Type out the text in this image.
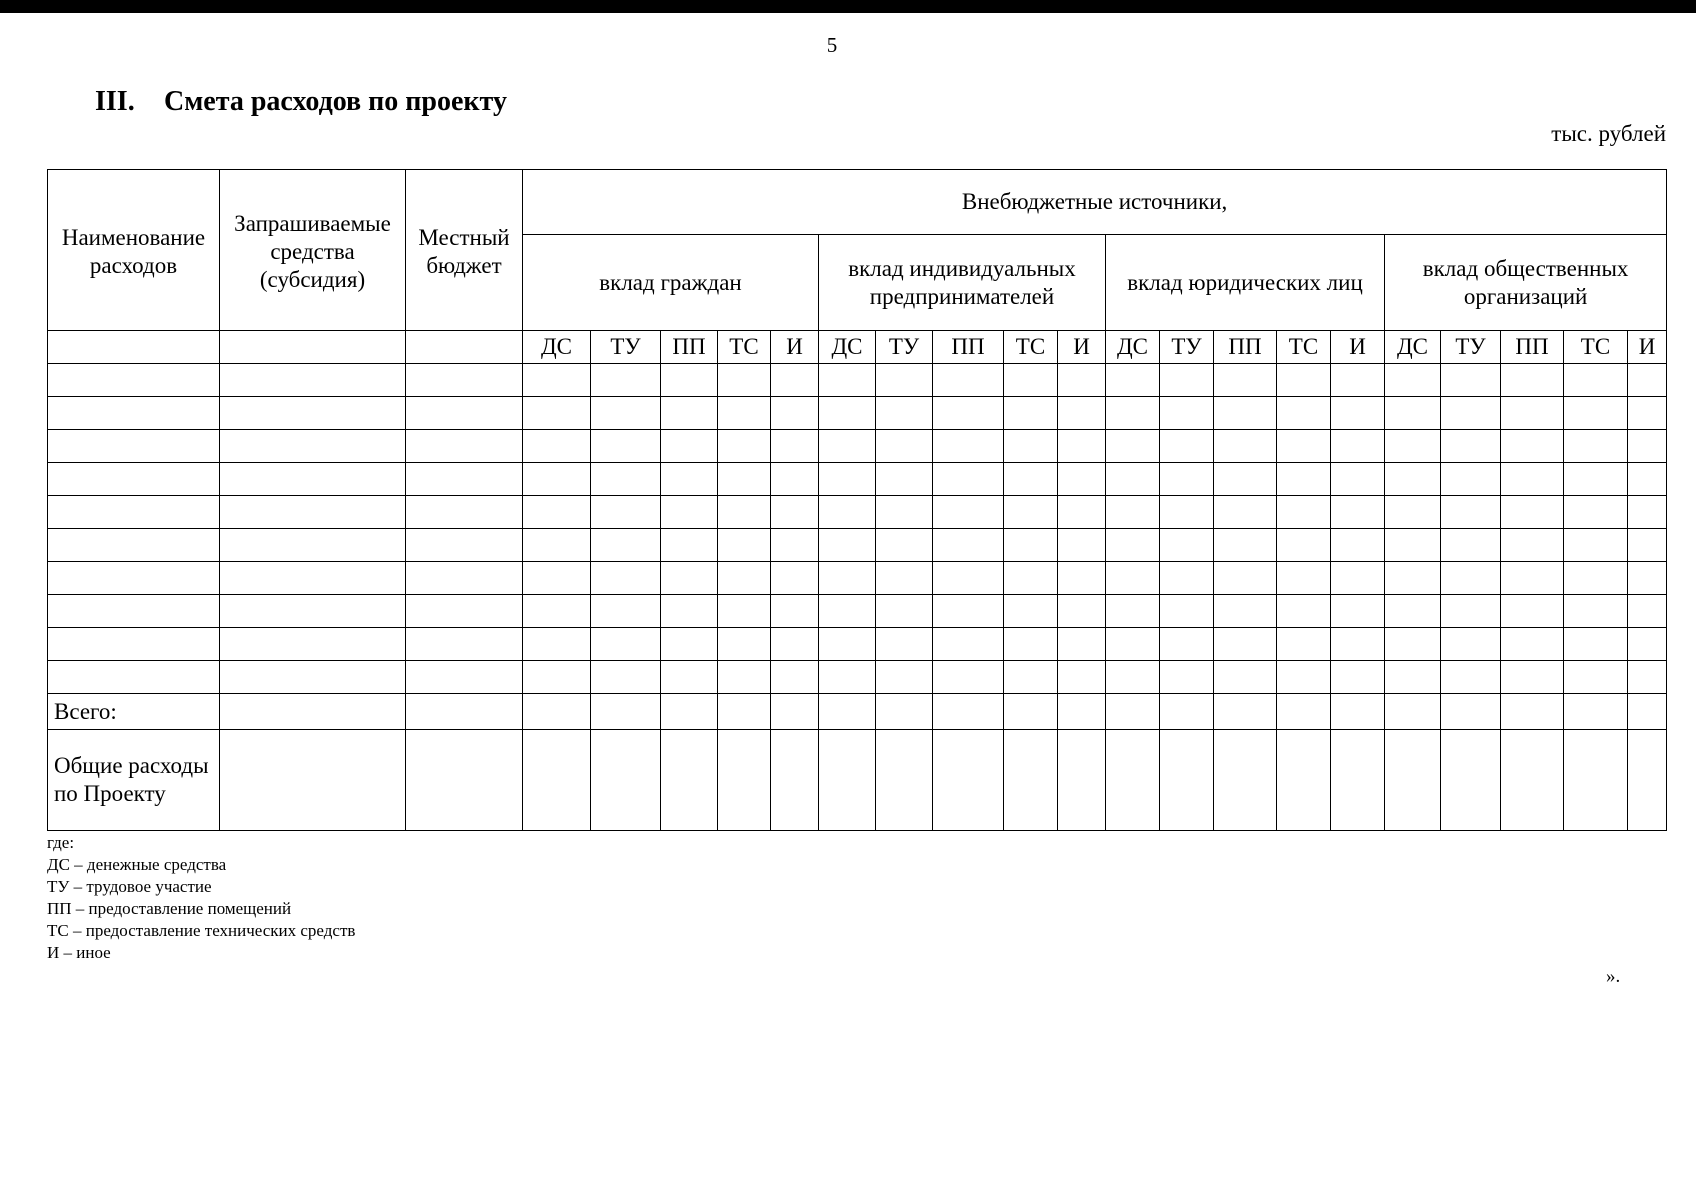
5
III. Смета расходов по проекту
тыс. рублей
Наименование расходов	Запрашиваемые средства (субсидия)	Местный бюджет	Внебюджетные источники,																			
			вклад граждан					вклад индивидуальных предпринимателей					вклад юридических лиц					вклад общественных организаций				
			ДС	ТУ	ПП	ТС	И	ДС	ТУ	ПП	ТС	И	ДС	ТУ	ПП	ТС	И	ДС	ТУ	ПП	ТС	И

Всего:																						
Общие расходы по Проекту																						
где:
ДС – денежные средства
ТУ – трудовое участие
ПП – предоставление помещений
ТС – предоставление технических средств
И – иное
».
